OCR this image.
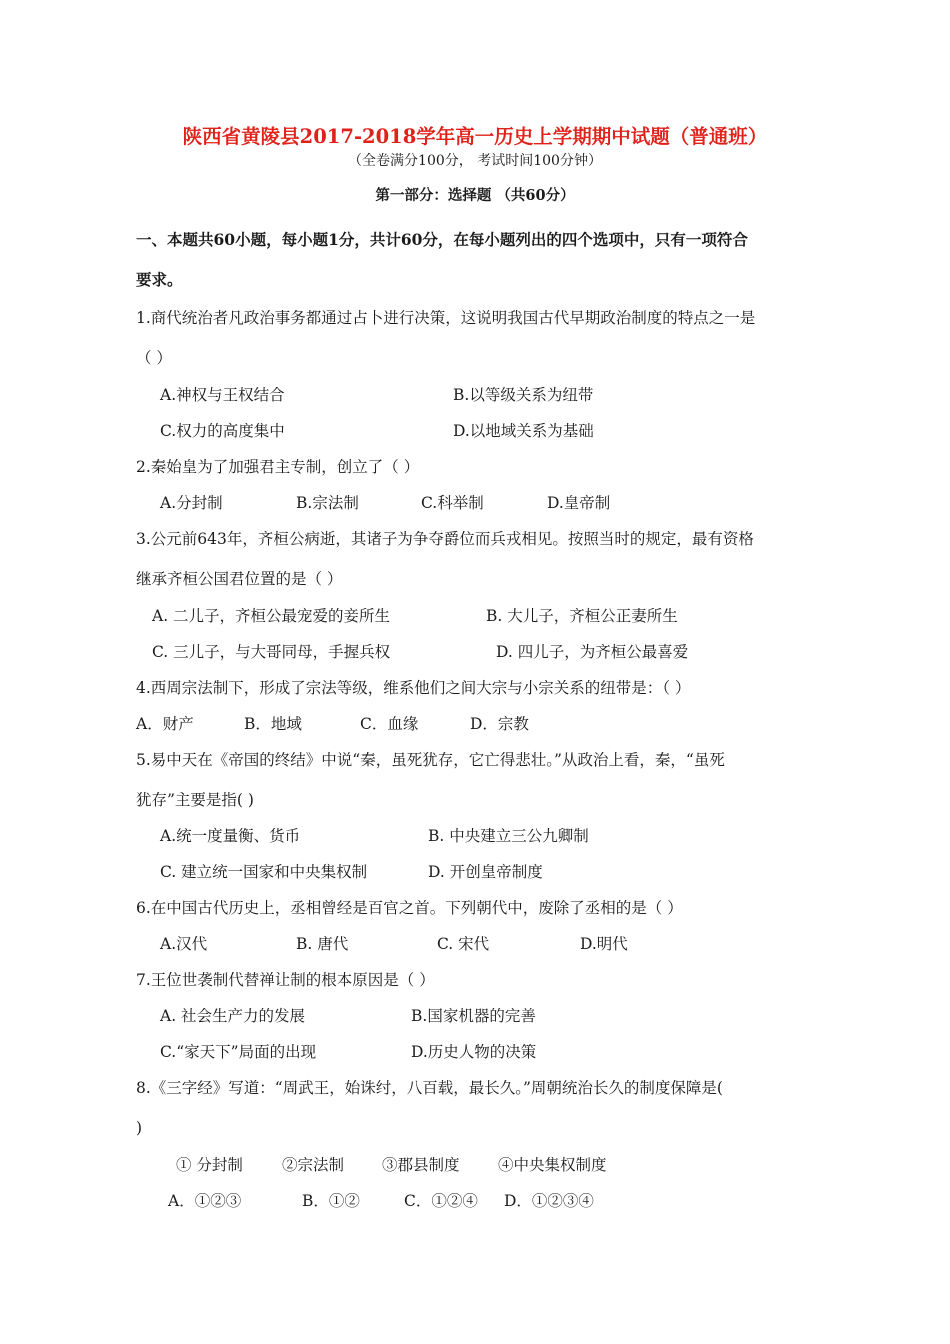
陕西省黄陵县2017-2018学年高一历史上学期期中试题（普通班）
（全卷满分100分， 考试时间100分钟）
第一部分：选择题 （共60分）
一、本题共60小题，每小题1分，共计60分，在每小题列出的四个选项中，只有一项符合
要求。
1.商代统治者凡政治事务都通过占卜进行决策，这说明我国古代早期政治制度的特点之一是
（ ）
A.神权与王权结合	B.以等级关系为纽带
C.权力的高度集中	D.以地域关系为基础
2.秦始皇为了加强君主专制，创立了（ ）
A.分封制	B.宗法制	C.科举制	D.皇帝制
3.公元前643年，齐桓公病逝，其诸子为争夺爵位而兵戎相见。按照当时的规定，最有资格
继承齐桓公国君位置的是（ ）
A. 二儿子，齐桓公最宠爱的妾所生	B. 大儿子，齐桓公正妻所生
C. 三儿子，与大哥同母，手握兵权	D. 四儿子，为齐桓公最喜爱
4.西周宗法制下，形成了宗法等级，维系他们之间大宗与小宗关系的纽带是：（ ）
A．财产	B．地域	C．血缘	D．宗教
5.易中天在《帝国的终结》中说“秦，虽死犹存，它亡得悲壮。”从政治上看，秦，“虽死
犹存”主要是指( )
A.统一度量衡、货币	B. 中央建立三公九卿制
C. 建立统一国家和中央集权制	D. 开创皇帝制度
6.在中国古代历史上，丞相曾经是百官之首。下列朝代中，废除了丞相的是（ ）
A.汉代	B. 唐代	C. 宋代	D.明代
7.王位世袭制代替禅让制的根本原因是（ ）
A. 社会生产力的发展	B.国家机器的完善
C.“家天下”局面的出现	D.历史人物的决策
8.《三字经》写道：“周武王，始诛纣，八百载，最长久。”周朝统治长久的制度保障是(
)
① 分封制	②宗法制 ③郡县制度 ④中央集权制度
A．①②③	B．①②	C．①②④ D．①②③④
